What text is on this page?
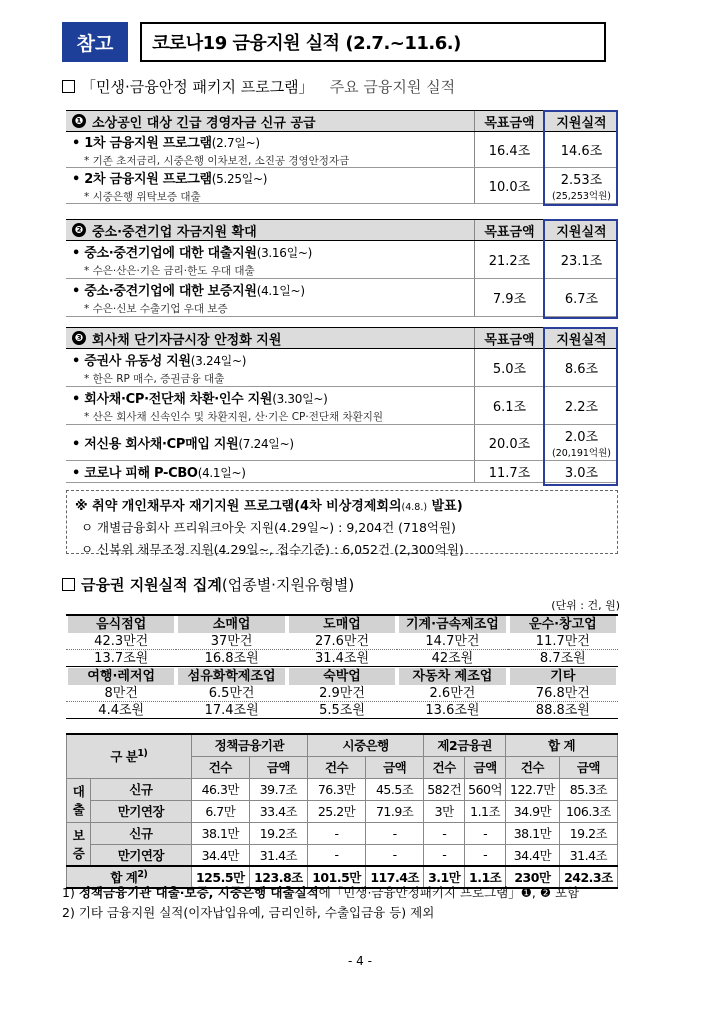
참고	코로나19 금융지원 실적 (2.7.~11.6.)
「민생·금융안정 패키지 프로그램」 주요 금융지원 실적
❶ 소상공인 대상 긴급 경영자금 신규 공급	목표금액	지원실적
• 1차 금융지원 프로그램(2.7일~)
* 기존 초저금리, 시중은행 이차보전, 소진공 경영안정자금
16.4조	14.6조
• 2차 금융지원 프로그램(5.25일~)
* 시중은행 위탁보증 대출
10.0조	2.53조
(25,253억원)
❷ 중소·중견기업 자금지원 확대	목표금액	지원실적
• 중소·중견기업에 대한 대출지원(3.16일~)
* 수은·산은·기은 금리·한도 우대 대출
21.2조	23.1조
• 중소·중견기업에 대한 보증지원(4.1일~)
* 수은·신보 수출기업 우대 보증
7.9조	6.7조
❸ 회사채 단기자금시장 안정화 지원	목표금액	지원실적
• 증권사 유동성 지원(3.24일~)
* 한은 RP 매수, 증권금융 대출
5.0조	8.6조
• 회사채·CP·전단채 차환·인수 지원(3.30일~)
* 산은 회사채 신속인수 및 차환지원, 산·기은 CP·전단채 차환지원
6.1조	2.2조
• 저신용 회사채·CP매입 지원(7.24일~)	20.0조	2.0조
(20,191억원)
• 코로나 피해 P-CBO(4.1일~)	11.7조	3.0조
※ 취약 개인채무자 재기지원 프로그램(4차 비상경제회의(4.8.) 발표)
ㅇ 개별금융회사 프리워크아웃 지원(4.29일~) : 9,204건 (718억원)
ㅇ 신복위 채무조정 지원(4.29일~, 접수기준) : 6,052건 (2,300억원)
금융권 지원실적 집계 (업종별·지원유형별)
(단위 : 건, 원)
음식점업	소매업	도매업	기계·금속제조업	운수·창고업
42.3만건	37만건	27.6만건	14.7만건	11.7만건
13.7조원	16.8조원	31.4조원	42조원	8.7조원
여행·레저업	섬유화학제조업	숙박업	자동차 제조업	기타
8만건	6.5만건	2.9만건	2.6만건	76.8만건
4.4조원	17.4조원	5.5조원	13.6조원	88.8조원
구 분$^{1)}$		정책금융기관		시중은행		제2금융권		합 계	
		건수	금액	건수	금액	건수	금액	건수	금액
대
출	신규	46.3만	39.7조	76.3만	45.5조	582건	560억	122.7만	85.3조
	만기연장	6.7만	33.4조	25.2만	71.9조	3만	1.1조	34.9만	106.3조
보
증	신규	38.1만	19.2조	-	-	-	-	38.1만	19.2조
	만기연장	34.4만	31.4조	-	-	-	-	34.4만	31.4조
합 계$^{2)}$		125.5만	123.8조	101.5만	117.4조	3.1만	1.1조	230만	242.3조
1) 정책금융기관 대출·보증, 시중은행 대출실적에「민생·금융안정패키지 프로그램」❶, ❷ 포함
2) 기타 금융지원 실적(이자납입유예, 금리인하, 수출입금융 등) 제외
- 4 -
